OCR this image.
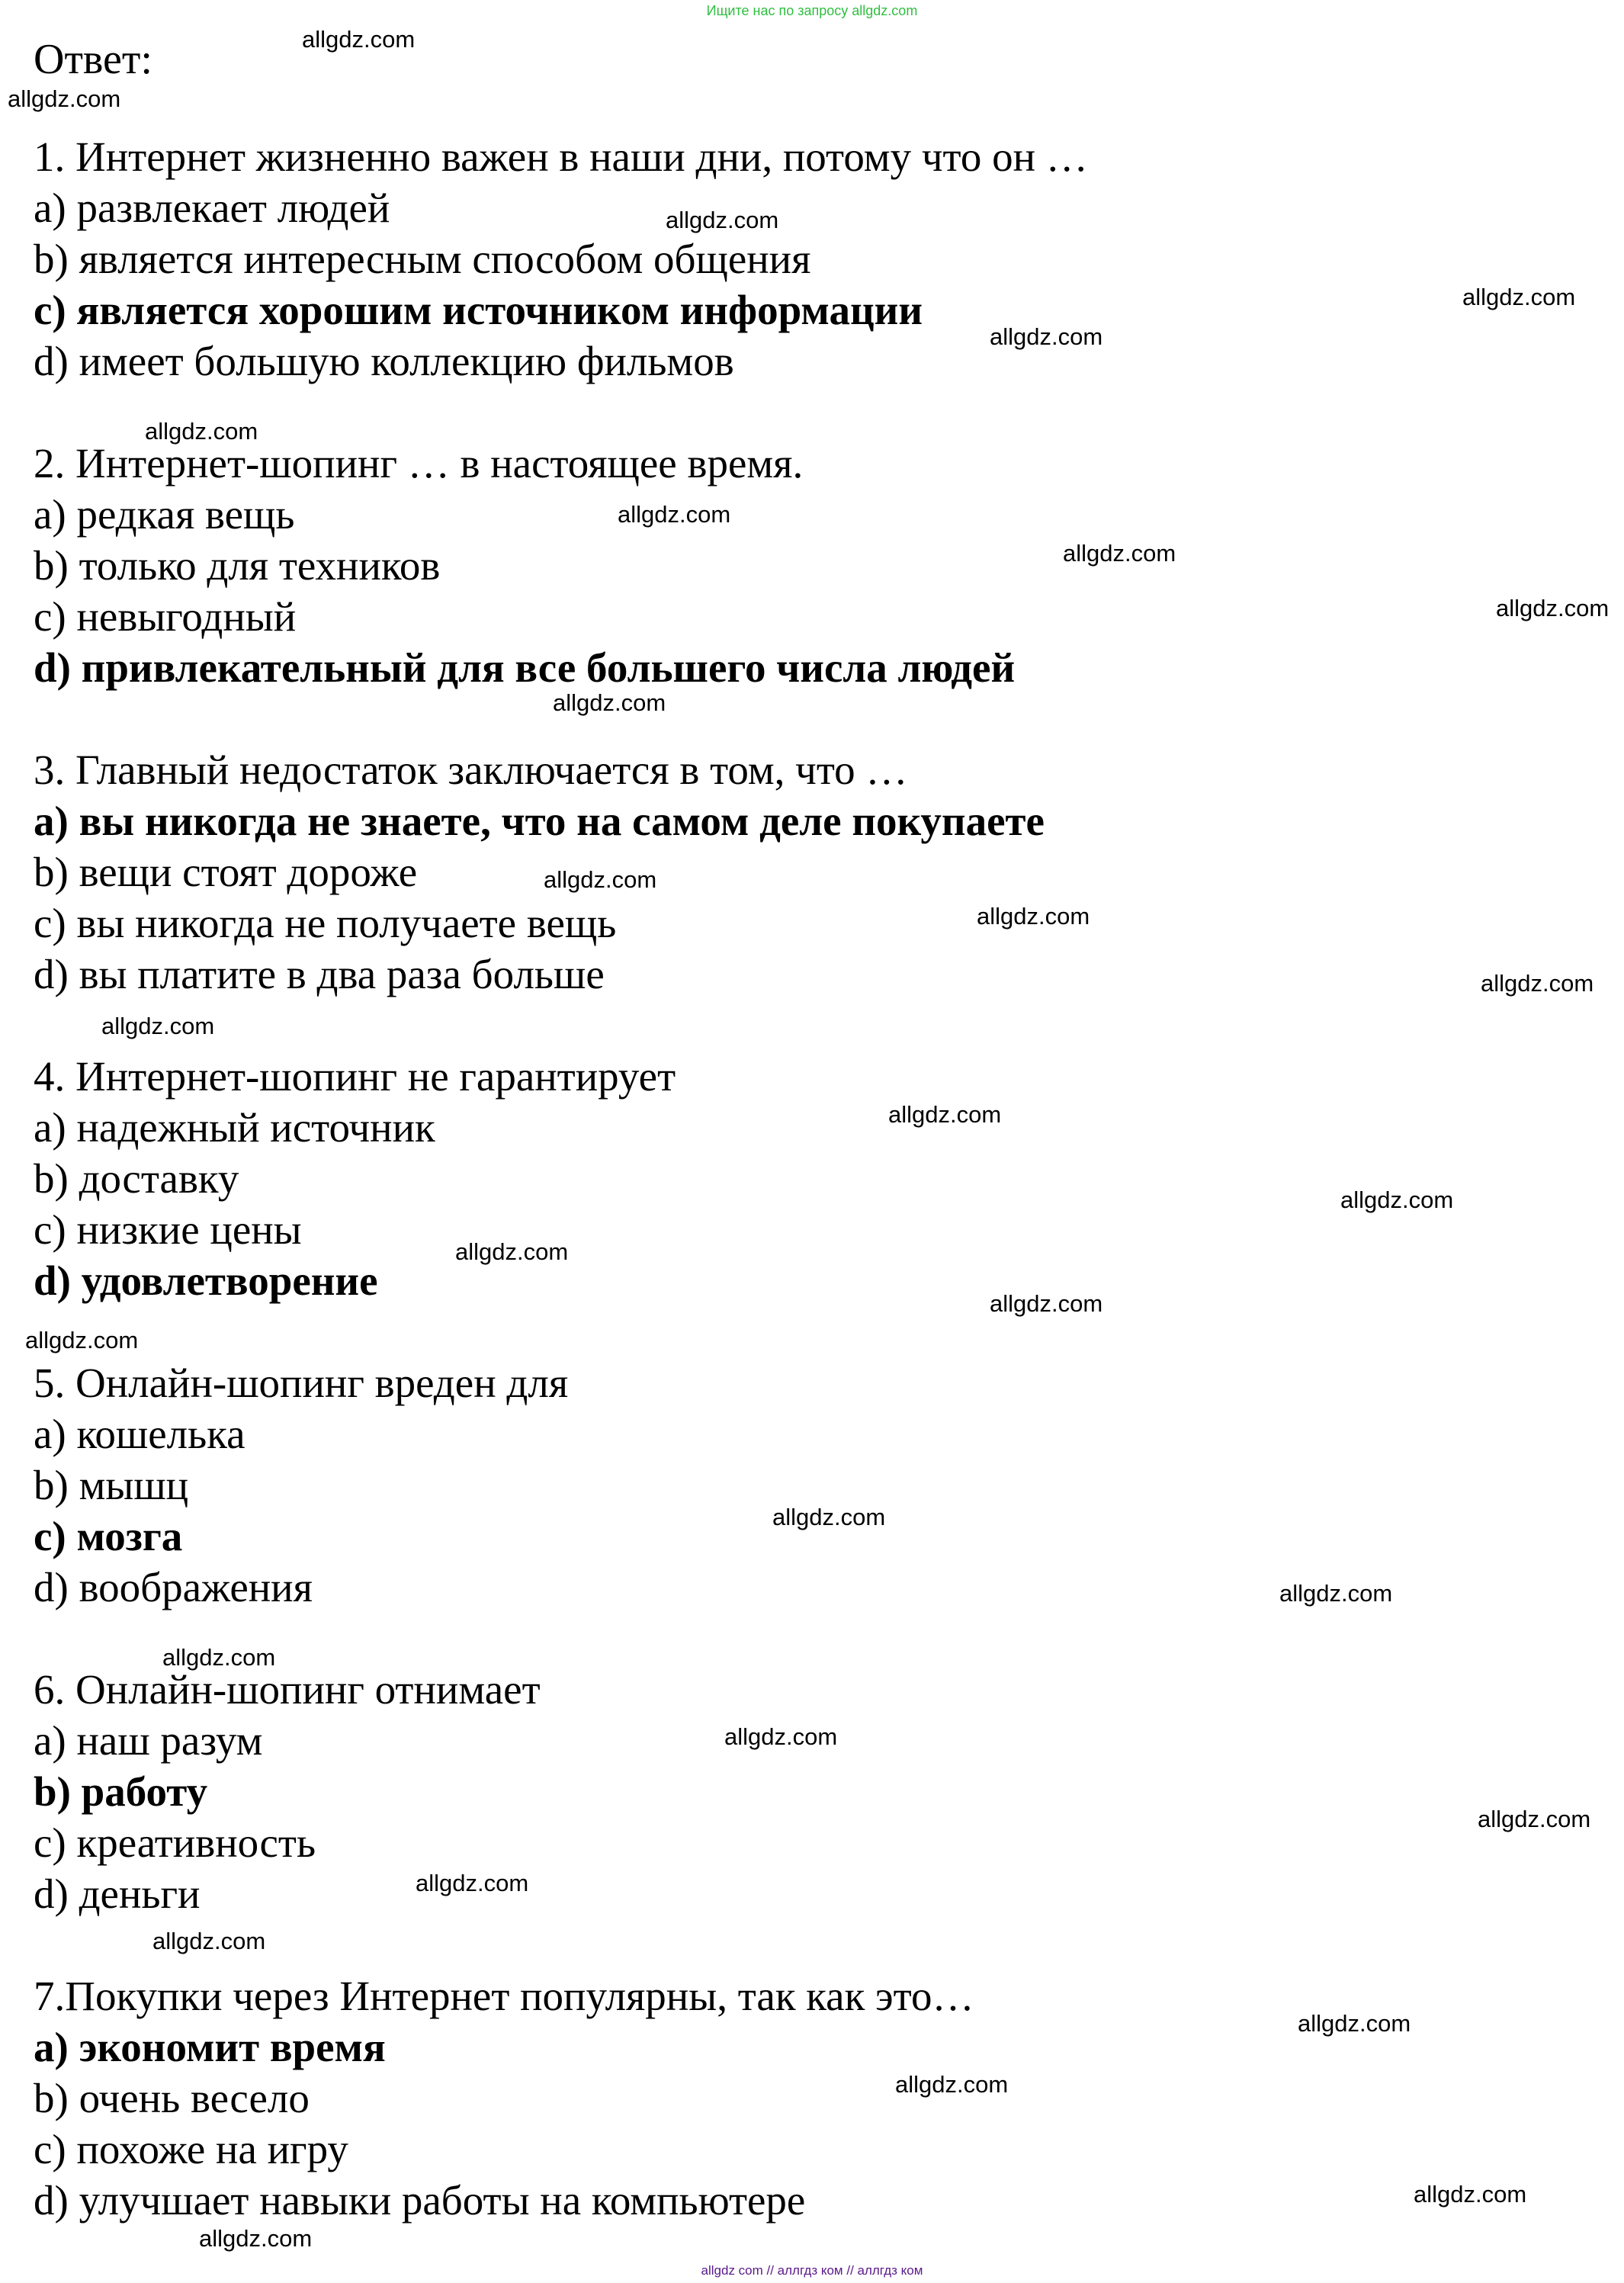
Ищите нас по запросу allgdz.com
Ответ:
1. Интернет жизненно важен в наши дни, потому что он …
a) развлекает людей
b) является интересным способом общения
c) является хорошим источником информации
d) имеет большую коллекцию фильмов
2. Интернет-шопинг … в настоящее время.
a) редкая вещь
b) только для техников
c) невыгодный
d) привлекательный для все большего числа людей
3. Главный недостаток заключается в том, что …
a) вы никогда не знаете, что на самом деле покупаете
b) вещи стоят дороже
c) вы никогда не получаете вещь
d) вы платите в два раза больше
4. Интернет-шопинг не гарантирует
a) надежный источник
b) доставку
c) низкие цены
d) удовлетворение
5. Онлайн-шопинг вреден для
a) кошелька
b) мышц
c) мозга
d) воображения
6. Онлайн-шопинг отнимает
a) наш разум
b) работу
c) креативность
d) деньги
7.Покупки через Интернет популярны, так как это…
a) экономит время
b) очень весело
c) похоже на игру
d) улучшает навыки работы на компьютере
allgdz.com
allgdz.com
allgdz.com
allgdz.com
allgdz.com
allgdz.com
allgdz.com
allgdz.com
allgdz.com
allgdz.com
allgdz.com
allgdz.com
allgdz.com
allgdz.com
allgdz.com
allgdz.com
allgdz.com
allgdz.com
allgdz.com
allgdz.com
allgdz.com
allgdz.com
allgdz.com
allgdz.com
allgdz.com
allgdz.com
allgdz.com
allgdz.com
allgdz.com
allgdz.com
allgdz com // аллгдз ком // аллгдз ком
